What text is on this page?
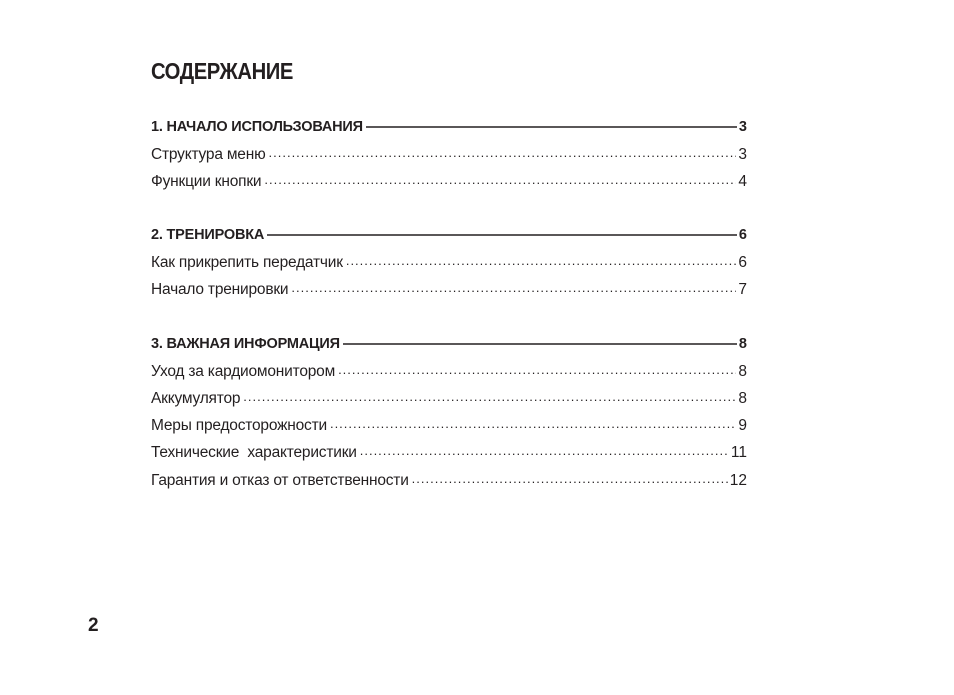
СОДЕРЖАНИЕ
1. НАЧАЛО ИСПОЛЬЗОВАНИЯ	3
Структура меню .....	3
Функции кнопки .....	4
2. ТРЕНИРОВКА	6
Как прикрепить передатчик .....	6
Начало тренировки .....	7
3. ВАЖНАЯ ИНФОРМАЦИЯ	8
Уход за кардиомонитором .....	8
Аккумулятор .....	8
Меры предосторожности .....	9
Технические  характеристики .....	11
Гарантия и отказ от ответственности .....	12
2
